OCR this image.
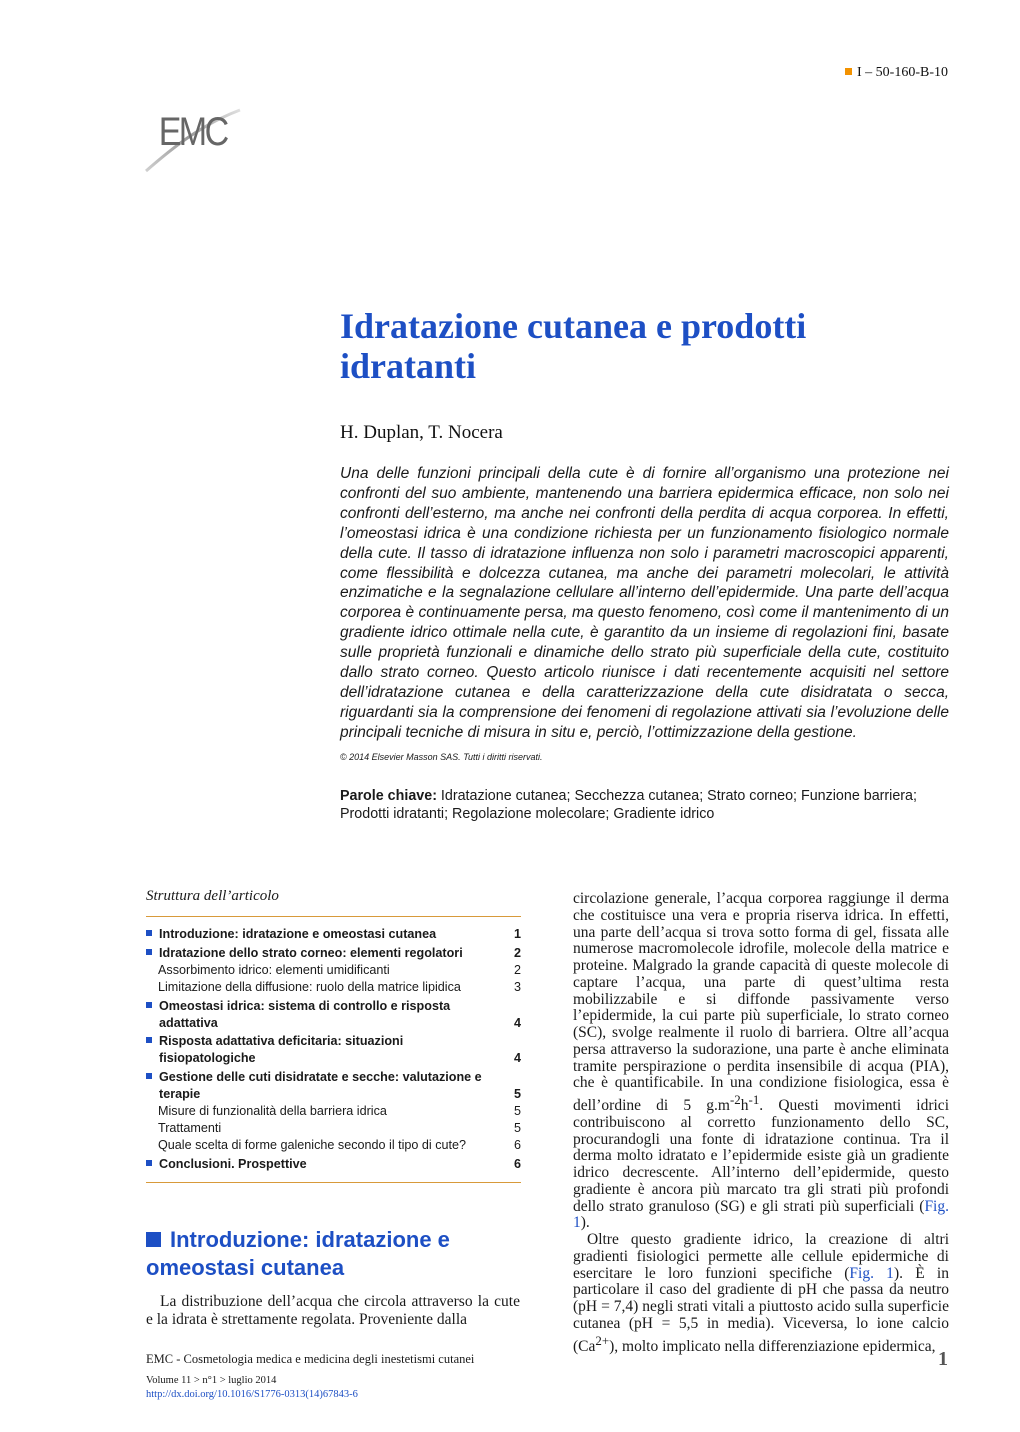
I – 50-160-B-10
EMC
Idratazione cutanea e prodotti idratanti
H. Duplan, T. Nocera

Una delle funzioni principali della cute è di fornire all’organismo una protezione nei confronti del suo ambiente, mantenendo una barriera epidermica efficace, non solo nei confronti dell’esterno, ma anche nei confronti della perdita di acqua corporea. In effetti, l’omeostasi idrica è una condizione richiesta per un funzionamento fisiologico normale della cute. Il tasso di idratazione influenza non solo i parametri macroscopici apparenti, come flessibilità e dolcezza cutanea, ma anche dei parametri molecolari, le attività enzimatiche e la segnalazione cellulare all’interno dell’epidermide. Una parte dell’acqua corporea è continuamente persa, ma questo fenomeno, così come il mantenimento di un gradiente idrico ottimale nella cute, è garantito da un insieme di regolazioni fini, basate sulle proprietà funzionali e dinamiche dello strato più superficiale della cute, costituito dallo strato corneo. Questo articolo riunisce i dati recentemente acquisiti nel settore dell’idratazione cutanea e della caratterizzazione della cute disidratata o secca, riguardanti sia la comprensione dei fenomeni di regolazione attivati sia l’evoluzione delle principali tecniche di misura in situ e, perciò, l’ottimizzazione della gestione.

© 2014 Elsevier Masson SAS. Tutti i diritti riservati.

Parole chiave: Idratazione cutanea; Secchezza cutanea; Strato corneo; Funzione barriera; Prodotti idratanti; Regolazione molecolare; Gradiente idrico

Struttura dell’articolo
Introduzione: idratazione e omeostasi cutanea	1
Idratazione dello strato corneo: elementi regolatori	2
Assorbimento idrico: elementi umidificanti	2
Limitazione della diffusione: ruolo della matrice lipidica	3
Omeostasi idrica: sistema di controllo e risposta adattativa	4
Risposta adattativa deficitaria: situazioni fisiopatologiche	4
Gestione delle cuti disidratate e secche: valutazione e terapie	5
Misure di funzionalità della barriera idrica	5
Trattamenti	5
Quale scelta di forme galeniche secondo il tipo di cute?	6
Conclusioni. Prospettive	6
Introduzione: idratazione e omeostasi cutanea

La distribuzione dell’acqua che circola attraverso la cute e la idrata è strettamente regolata. Proveniente dalla

circolazione generale, l’acqua corporea raggiunge il derma che costituisce una vera e propria riserva idrica. In effetti, una parte dell’acqua si trova sotto forma di gel, fissata alle numerose macromolecole idrofile, molecole della matrice e proteine. Malgrado la grande capacità di queste molecole di captare l’acqua, una parte di quest’ultima resta mobilizzabile e si diffonde passivamente verso l’epidermide, la cui parte più superficiale, lo strato corneo (SC), svolge realmente il ruolo di barriera. Oltre all’acqua persa attraverso la sudorazione, una parte è anche eliminata tramite perspirazione o perdita insensibile di acqua (PIA), che è quantificabile. In una condizione fisiologica, essa è dell’ordine di 5 $g.m^{-2}h^{-1}$. Questi movimenti idrici contribuiscono al corretto funzionamento dello SC, procurandogli una fonte di idratazione continua. Tra il derma molto idratato e l’epidermide esiste già un gradiente idrico decrescente. All’interno dell’epidermide, questo gradiente è ancora più marcato tra gli strati più profondi dello strato granuloso (SG) e gli strati più superficiali (Fig. 1).

Oltre questo gradiente idrico, la creazione di altri gradienti fisiologici permette alle cellule epidermiche di esercitare le loro funzioni specifiche (Fig. 1). È in particolare il caso del gradiente di pH che passa da neutro (pH = 7,4) negli strati vitali a piuttosto acido sulla superficie cutanea (pH = 5,5 in media). Viceversa, lo ione calcio $(Ca^{2+})$, molto implicato nella differenziazione epidermica,

EMC - Cosmetologia medica e medicina degli inestetismi cutanei	1
Volume 11 > n°1 > luglio 2014
http://dx.doi.org/10.1016/S1776-0313(14)67843-6
